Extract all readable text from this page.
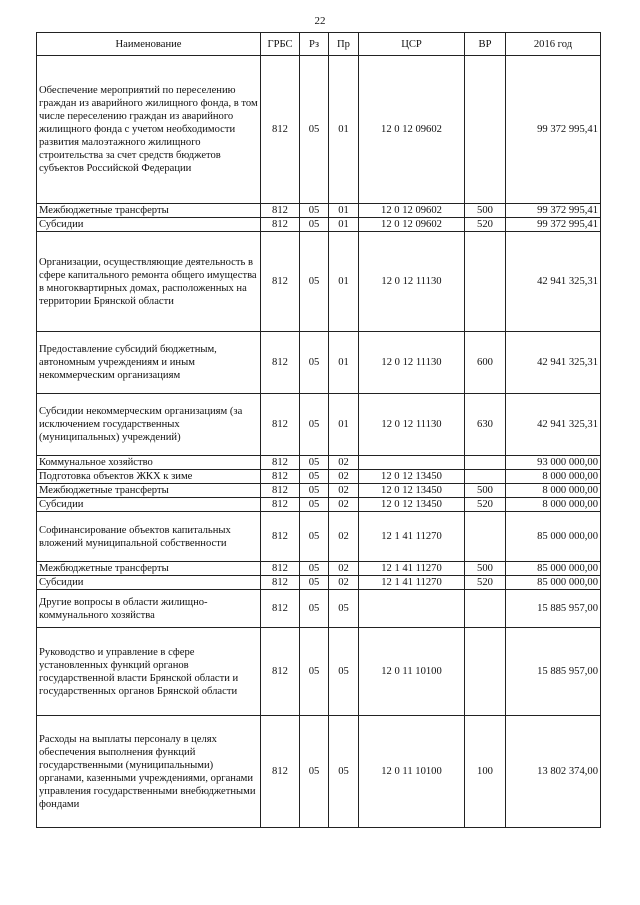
22
Наименование	ГРБС	Рз	Пр	ЦСР	ВР	2016 год
Обеспечение мероприятий по переселению граждан из аварийного жилищного фонда, в том числе переселению граждан из аварийного жилищного фонда с учетом необходимости развития малоэтажного жилищного строительства за счет средств бюджетов субъектов Российской Федерации	812	05	01	12 0 12 09602		99 372 995,41
Межбюджетные трансферты	812	05	01	12 0 12 09602	500	99 372 995,41
Субсидии	812	05	01	12 0 12 09602	520	99 372 995,41
Организации, осуществляющие деятельность в сфере капитального ремонта общего имущества в многоквартирных домах, расположенных на территории Брянской области	812	05	01	12 0 12 11130		42 941 325,31
Предоставление субсидий бюджетным, автономным учреждениям и иным некоммерческим организациям	812	05	01	12 0 12 11130	600	42 941 325,31
Субсидии некоммерческим организациям (за исключением государственных (муниципальных) учреждений)	812	05	01	12 0 12 11130	630	42 941 325,31
Коммунальное хозяйство	812	05	02			93 000 000,00
Подготовка объектов ЖКХ к зиме	812	05	02	12 0 12 13450		8 000 000,00
Межбюджетные трансферты	812	05	02	12 0 12 13450	500	8 000 000,00
Субсидии	812	05	02	12 0 12 13450	520	8 000 000,00
Софинансирование объектов капитальных вложений муниципальной собственности	812	05	02	12 1 41 11270		85 000 000,00
Межбюджетные трансферты	812	05	02	12 1 41 11270	500	85 000 000,00
Субсидии	812	05	02	12 1 41 11270	520	85 000 000,00
Другие вопросы в области жилищно-коммунального хозяйства	812	05	05			15 885 957,00
Руководство и управление в сфере установленных функций органов государственной власти Брянской области и государственных органов Брянской области	812	05	05	12 0 11 10100		15 885 957,00
Расходы на выплаты персоналу в целях обеспечения выполнения функций государственными (муниципальными) органами, казенными учреждениями, органами управления государственными внебюджетными фондами	812	05	05	12 0 11 10100	100	13 802 374,00
